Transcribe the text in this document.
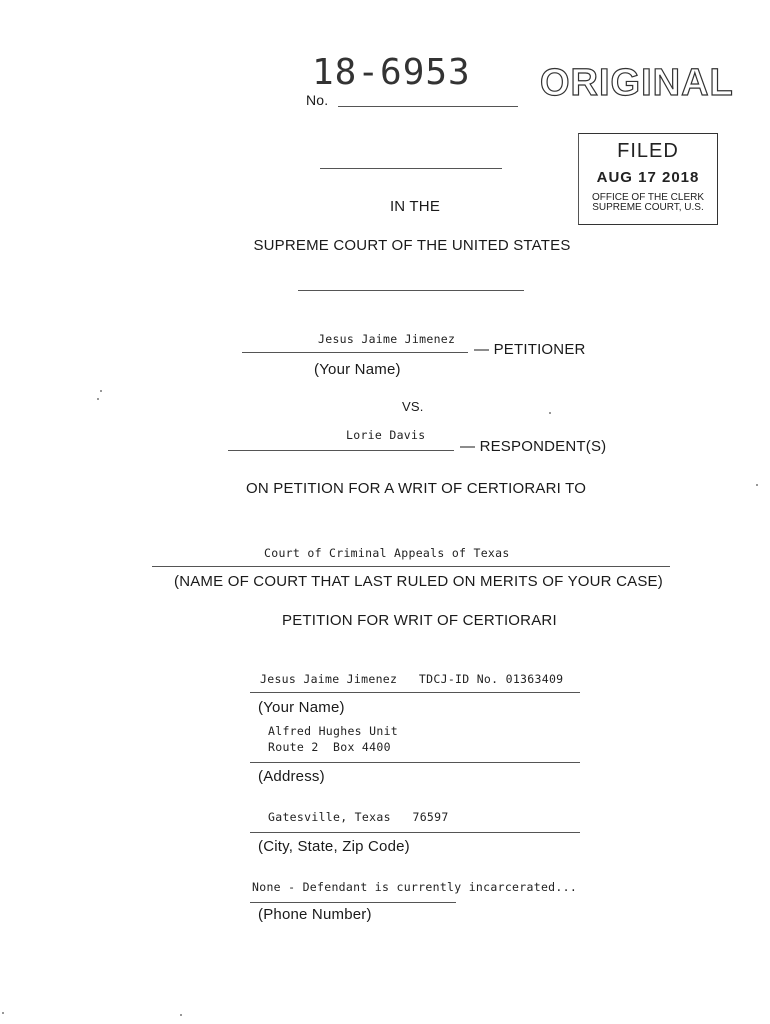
18-6953
No.	ORIGINAL
FILED
AUG 17 2018
OFFICE OF THE CLERK
SUPREME COURT, U.S.
IN THE
SUPREME COURT OF THE UNITED STATES
Jesus Jaime Jimenez
— PETITIONER
(Your Name)
VS.
Lorie Davis
— RESPONDENT(S)
ON PETITION FOR A WRIT OF CERTIORARI TO
Court of Criminal Appeals of Texas
(NAME OF COURT THAT LAST RULED ON MERITS OF YOUR CASE)
PETITION FOR WRIT OF CERTIORARI
Jesus Jaime Jimenez   TDCJ-ID No. 01363409
(Your Name)
Alfred Hughes Unit
Route 2  Box 4400
(Address)
Gatesville, Texas   76597
(City, State, Zip Code)
None - Defendant is currently incarcerated...
(Phone Number)
